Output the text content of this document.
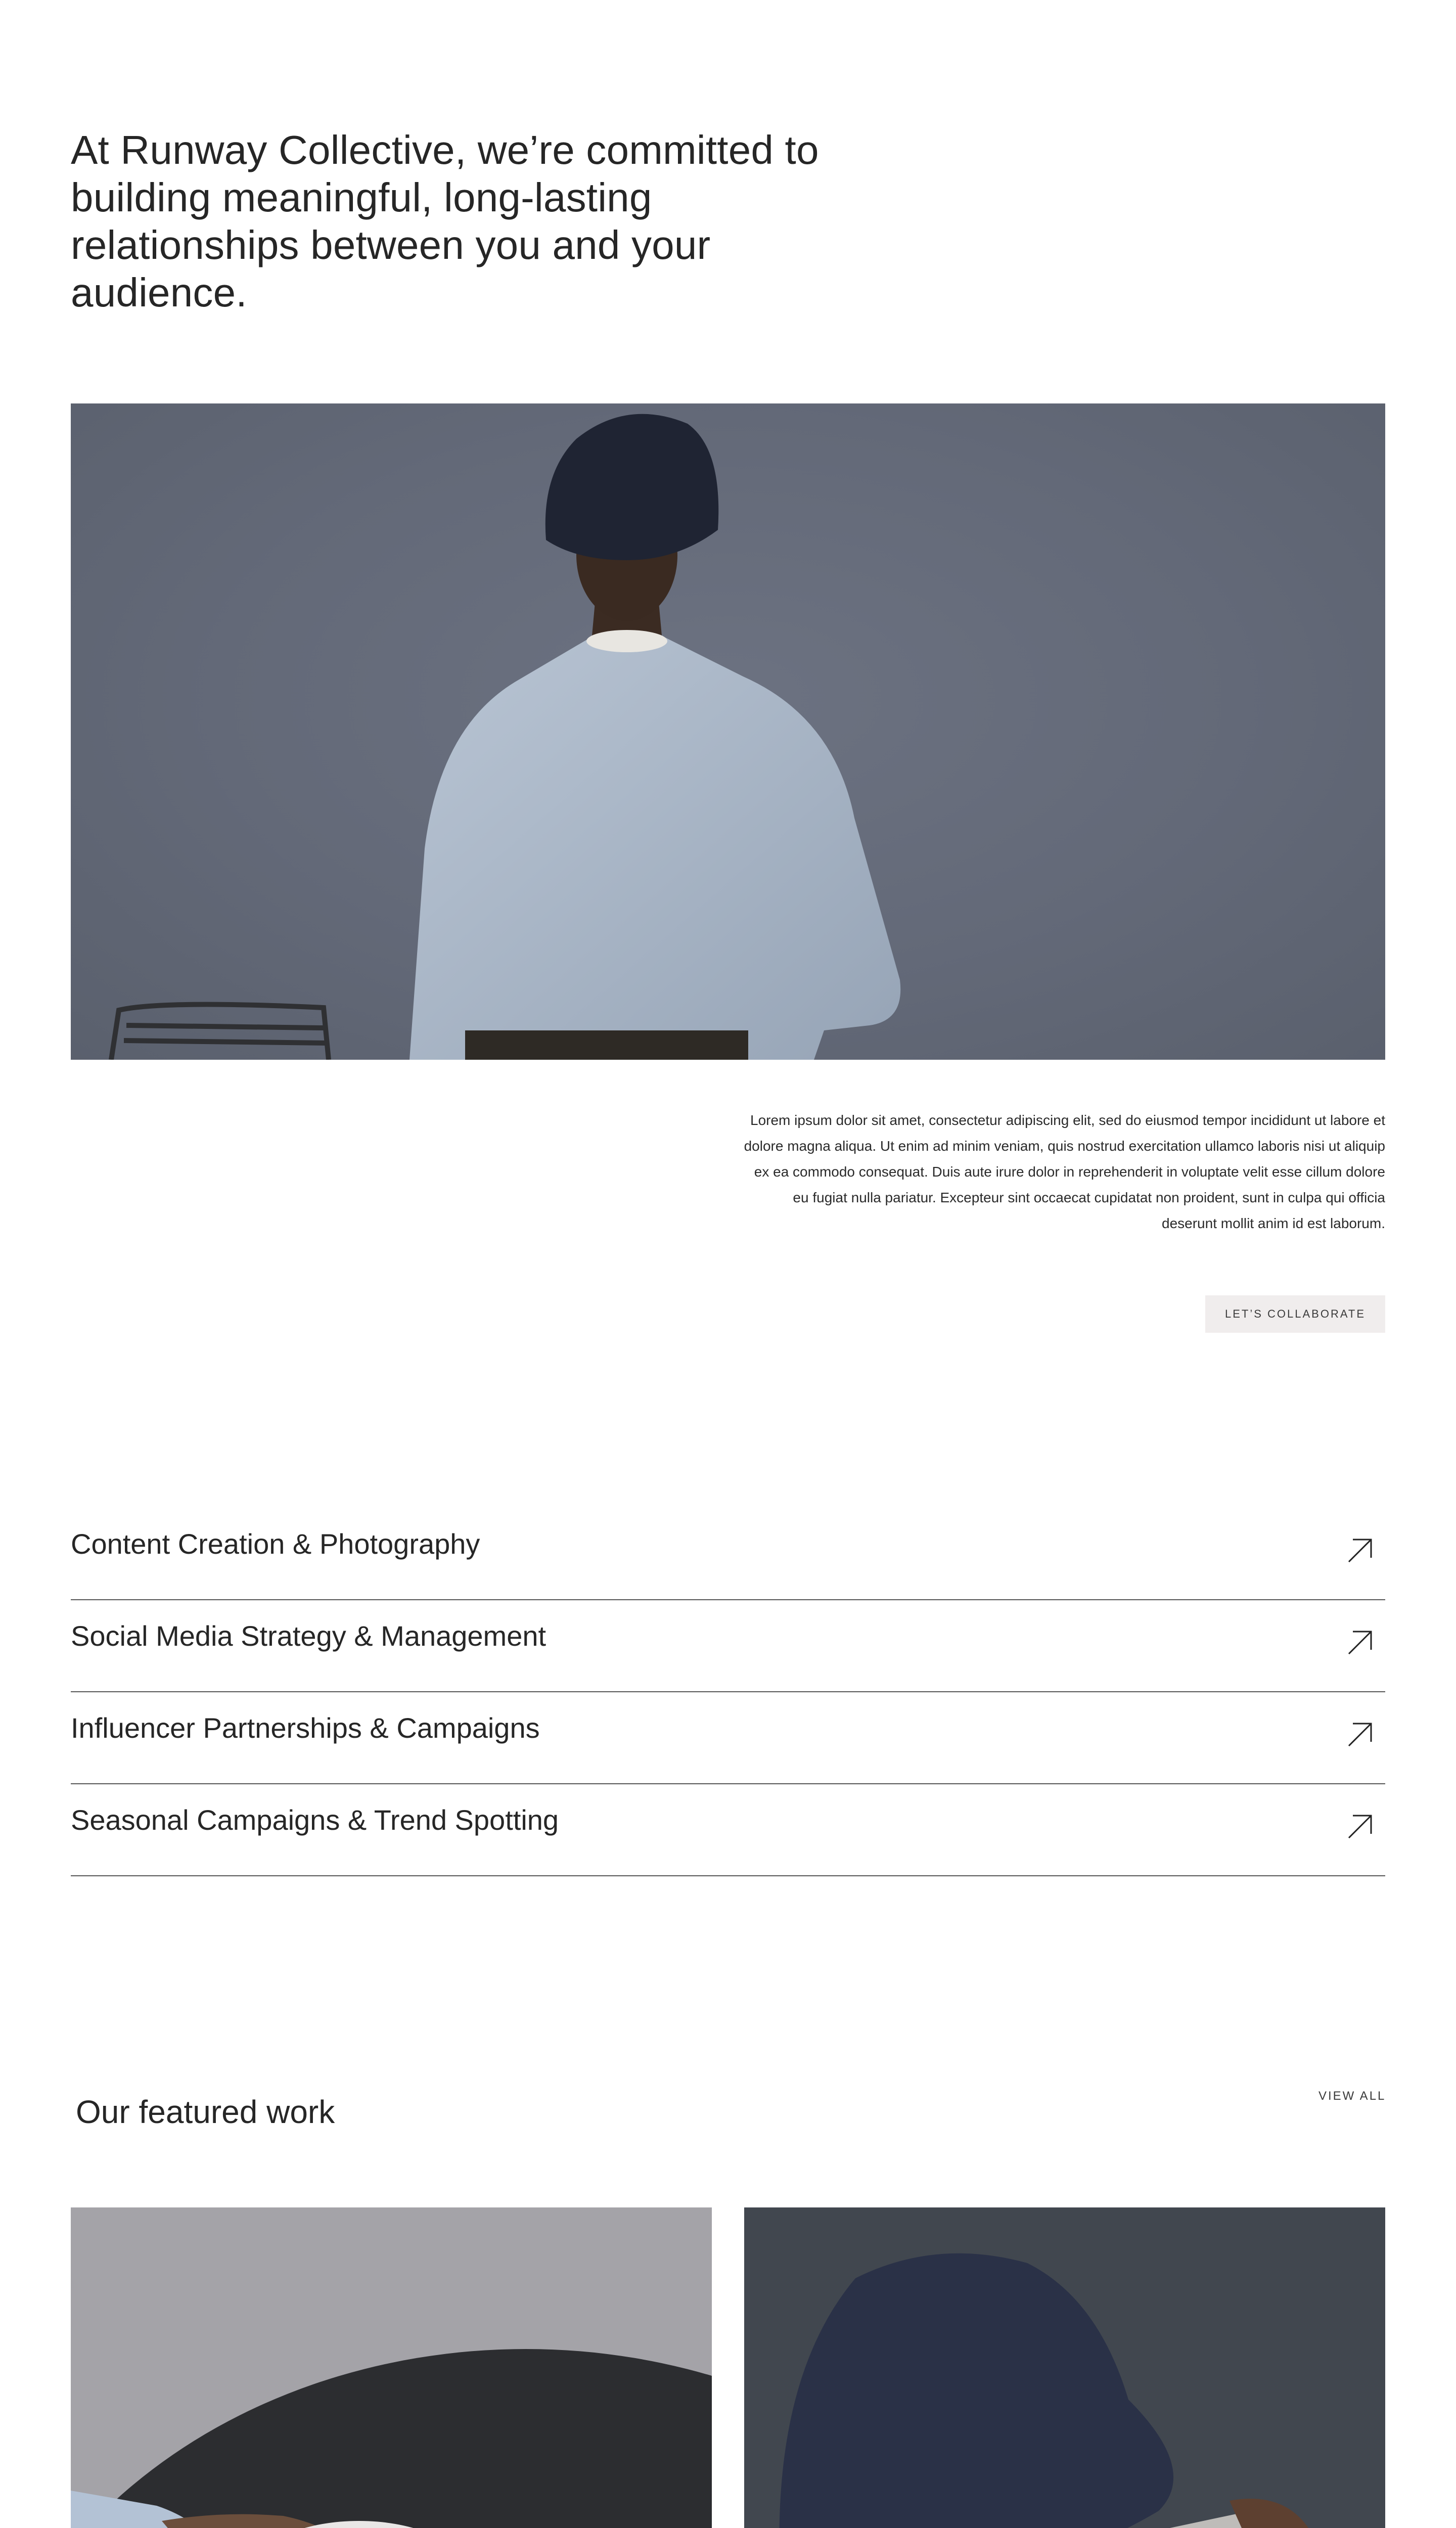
At Runway Collective, we’re committed to building meaningful, long-lasting relationships between you and your audience.

Lorem ipsum dolor sit amet, consectetur adipiscing elit, sed do eiusmod tempor incididunt ut labore et dolore magna aliqua. Ut enim ad minim veniam, quis nostrud exercitation ullamco laboris nisi ut aliquip ex ea commodo consequat. Duis aute irure dolor in reprehenderit in voluptate velit esse cillum dolore eu fugiat nulla pariatur. Excepteur sint occaecat cupidatat non proident, sunt in culpa qui officia deserunt mollit anim id est laborum.

LET’S COLLABORATE
Content Creation & Photography
Social Media Strategy & Management
Influencer Partnerships & Campaigns
Seasonal Campaigns & Trend Spotting
Our featured work	VIEW ALL
